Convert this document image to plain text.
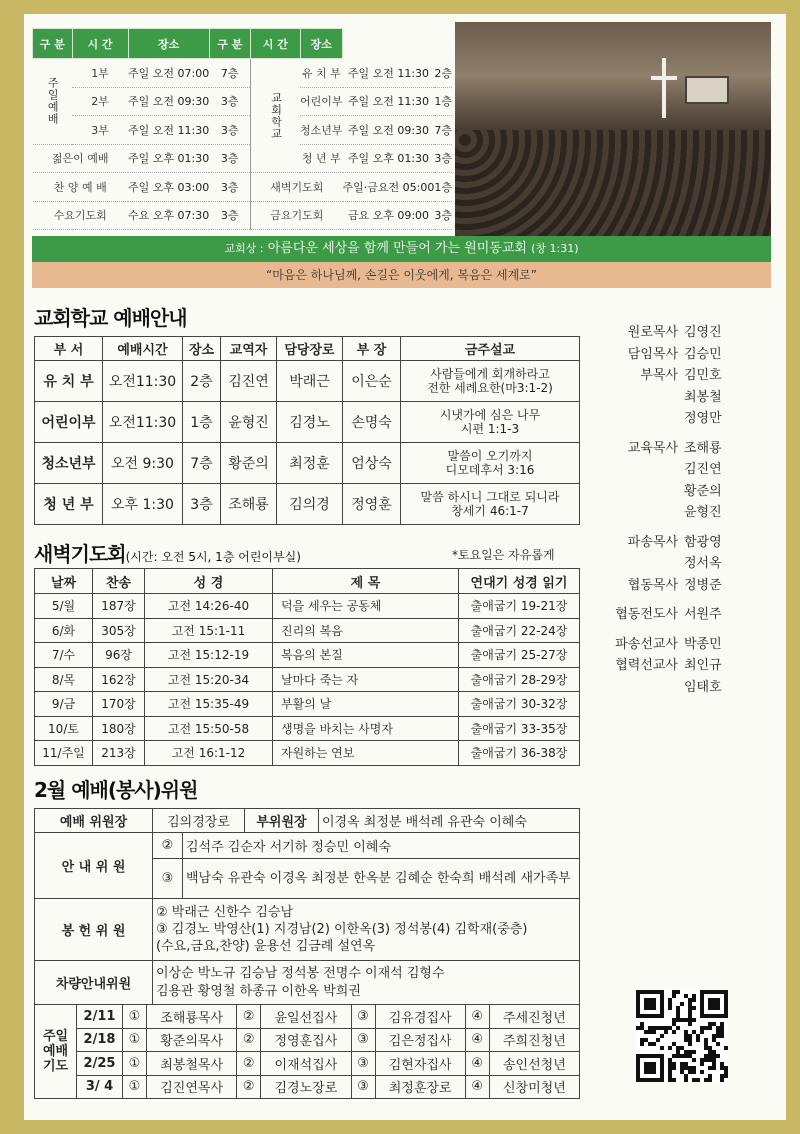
구 분	시 간	장소	구 분	시 간	장소		
주일예배	1부	주일 오전 07:00	7층	교회학교	유 치 부	주일 오전 11:30	2층
	2부	주일 오전 09:30	3층		어린이부	주일 오전 11:30	1층
	3부	주일 오전 11:30	3층		청소년부	주일 오전 09:30	7층
젊은이 예배		주일 오후 01:30	3층		청 년 부	주일 오후 01:30	3층
찬 양 예 배		주일 오후 03:00	3층	새벽기도회		주일·금요전 05:00	1층
수요기도회		수요 오후 07:30	3층	금요기도회		금요 오후 09:00	3층
교회상 : 아름다운 세상을 함께 만들어 가는 원미동교회 (창 1:31)
“마음은 하나님께, 손길은 이웃에게, 복음은 세계로”
교회학교 예배안내
부 서	예배시간	장소	교역자	담당장로	부 장	금주설교
유 치 부	오전11:30	2층	김진연	박래근	이은순	사람들에게 회개하라고
전한 세례요한(마3:1-2)

어린이부	오전11:30	1층	윤형진	김경노	손명숙	시냇가에 심은 나무
시편 1:1-3

청소년부	오전 9:30	7층	황준의	최정훈	엄상숙	말씀이 오기까지
디모데후서 3:16

청 년 부	오후 1:30	3층	조해룡	김의경	정영훈	말씀 하시니 그대로 되니라
창세기 46:1-7
새벽기도회(시간: 오전 5시, 1층 어린이부실)	*토요일은 자유롭게
날짜	찬송	성 경	제 목	연대기 성경 읽기
5/월	187장	고전 14:26-40	덕을 세우는 공동체	출애굽기 19-21장
6/화	305장	고전 15:1-11	진리의 복음	출애굽기 22-24장
7/수	96장	고전 15:12-19	복음의 본질	출애굽기 25-27장
8/목	162장	고전 15:20-34	날마다 죽는 자	출애굽기 28-29장
9/금	170장	고전 15:35-49	부활의 날	출애굽기 30-32장
10/토	180장	고전 15:50-58	생명을 바치는 사명자	출애굽기 33-35장
11/주일	213장	고전 16:1-12	자원하는 연보	출애굽기 36-38장
2월 예배(봉사)위원
예배 위원장	김의경장로	부위원장	이경옥 최정분 배석례 유관숙 이혜숙
안 내 위 원	②	김석주 김순자 서기하 정승민 이혜숙
	③	백남숙 유관숙 이경옥 최정분 한옥분 김혜순 한숙희 배석례 새가족부
봉 헌 위 원	② 박래근 신한수 김승남
③ 김경노 박영산(1) 지경남(2) 이한옥(3) 정석봉(4) 김학재(중층)
(수요,금요,찬양) 윤용선 김금례 설연옥

차량안내위원	이상순 박노규 김승남 정석봉 전명수 이재석 김형수
김용관 황영철 하종규 이한옥 박희권
주일예배기도	2/11	①	조해룡목사	②	윤일선집사	③	김유경집사	④	주세진청년
	2/18	①	황준의목사	②	정영훈집사	③	김은정집사	④	주희진청년
	2/25	①	최봉철목사	②	이재석집사	③	김현자집사	④	송인선청년
	3/ 4	①	김진연목사	②	김경노장로	③	최정훈장로	④	신창미청년
원로목사 김영진
담임목사 김승민
부목사 김민호
최봉철
정영만
교육목사 조해룡
김진연
황준의
윤형진
파송목사 함광영
정서옥
협동목사 정병준
협동전도사 서원주
파송선교사 박종민
협력선교사 최인규
임태호
